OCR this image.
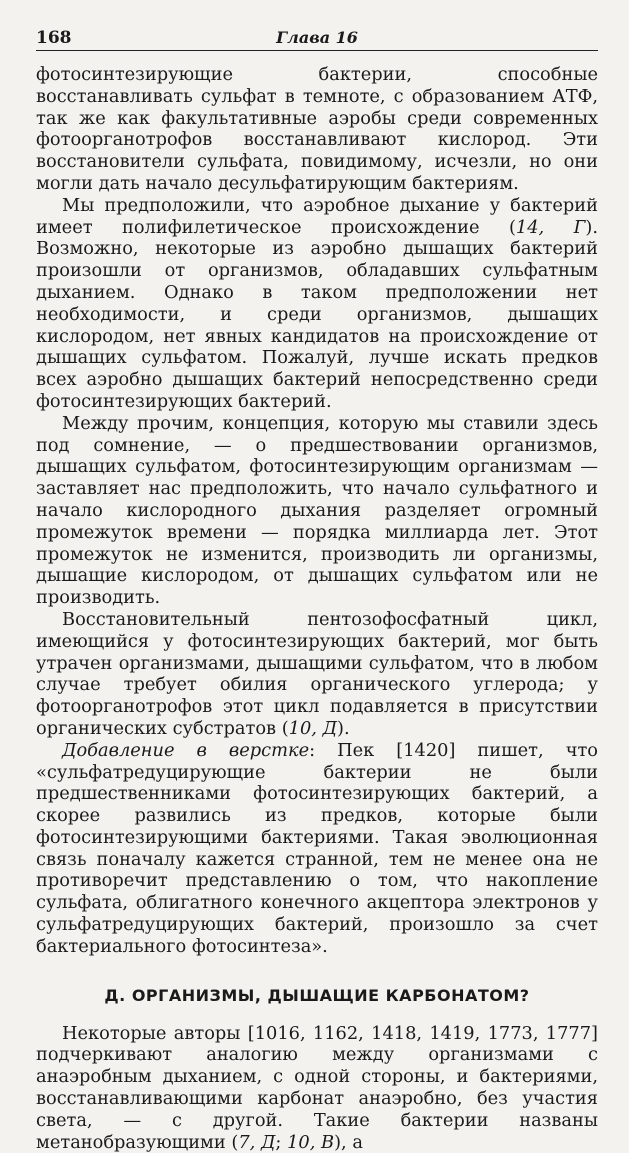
168	Глава 16

фотосинтезирующие бактерии, способные восстанавливать сульфат в темноте, с образованием АТФ, так же как факультативные аэробы среди современных фотоорганотрофов восстанавливают кислород. Эти восстановители сульфата, повидимому, исчезли, но они могли дать начало десульфатирующим бактериям.

Мы предположили, что аэробное дыхание у бактерий имеет полифилетическое происхождение (14, Г). Возможно, некоторые из аэробно дышащих бактерий произошли от организмов, обладавших сульфатным дыханием. Однако в таком предположении нет необходимости, и среди организмов, дышащих кислородом, нет явных кандидатов на происхождение от дышащих сульфатом. Пожалуй, лучше искать предков всех аэробно дышащих бактерий непосредственно среди фотосинтезирующих бактерий.

Между прочим, концепция, которую мы ставили здесь под сомнение, — о предшествовании организмов, дышащих сульфатом, фотосинтезирующим организмам — заставляет нас предположить, что начало сульфатного и начало кислородного дыхания разделяет огромный промежуток времени — порядка миллиарда лет. Этот промежуток не изменится, производить ли организмы, дышащие кислородом, от дышащих сульфатом или не производить.

Восстановительный пентозофосфатный цикл, имеющийся у фотосинтезирующих бактерий, мог быть утрачен организмами, дышащими сульфатом, что в любом случае требует обилия органического углерода; у фотоорганотрофов этот цикл подавляется в присутствии органических субстратов (10, Д).

Добавление в верстке: Пек [1420] пишет, что «сульфатредуцирующие бактерии не были предшественниками фотосинтезирующих бактерий, а скорее развились из предков, которые были фотосинтезирующими бактериями. Такая эволюционная связь поначалу кажется странной, тем не менее она не противоречит представлению о том, что накопление сульфата, облигатного конечного акцептора электронов у сульфатредуцирующих бактерий, произошло за счет бактериального фотосинтеза».

Д. ОРГАНИЗМЫ, ДЫШАЩИЕ КАРБОНАТОМ?

Некоторые авторы [1016, 1162, 1418, 1419, 1773, 1777] подчеркивают аналогию между организмами с анаэробным дыханием, с одной стороны, и бактериями, восстанавливающими карбонат анаэробно, без участия света, — с другой. Такие бактерии названы метанобразующими (7, Д; 10, В), а
